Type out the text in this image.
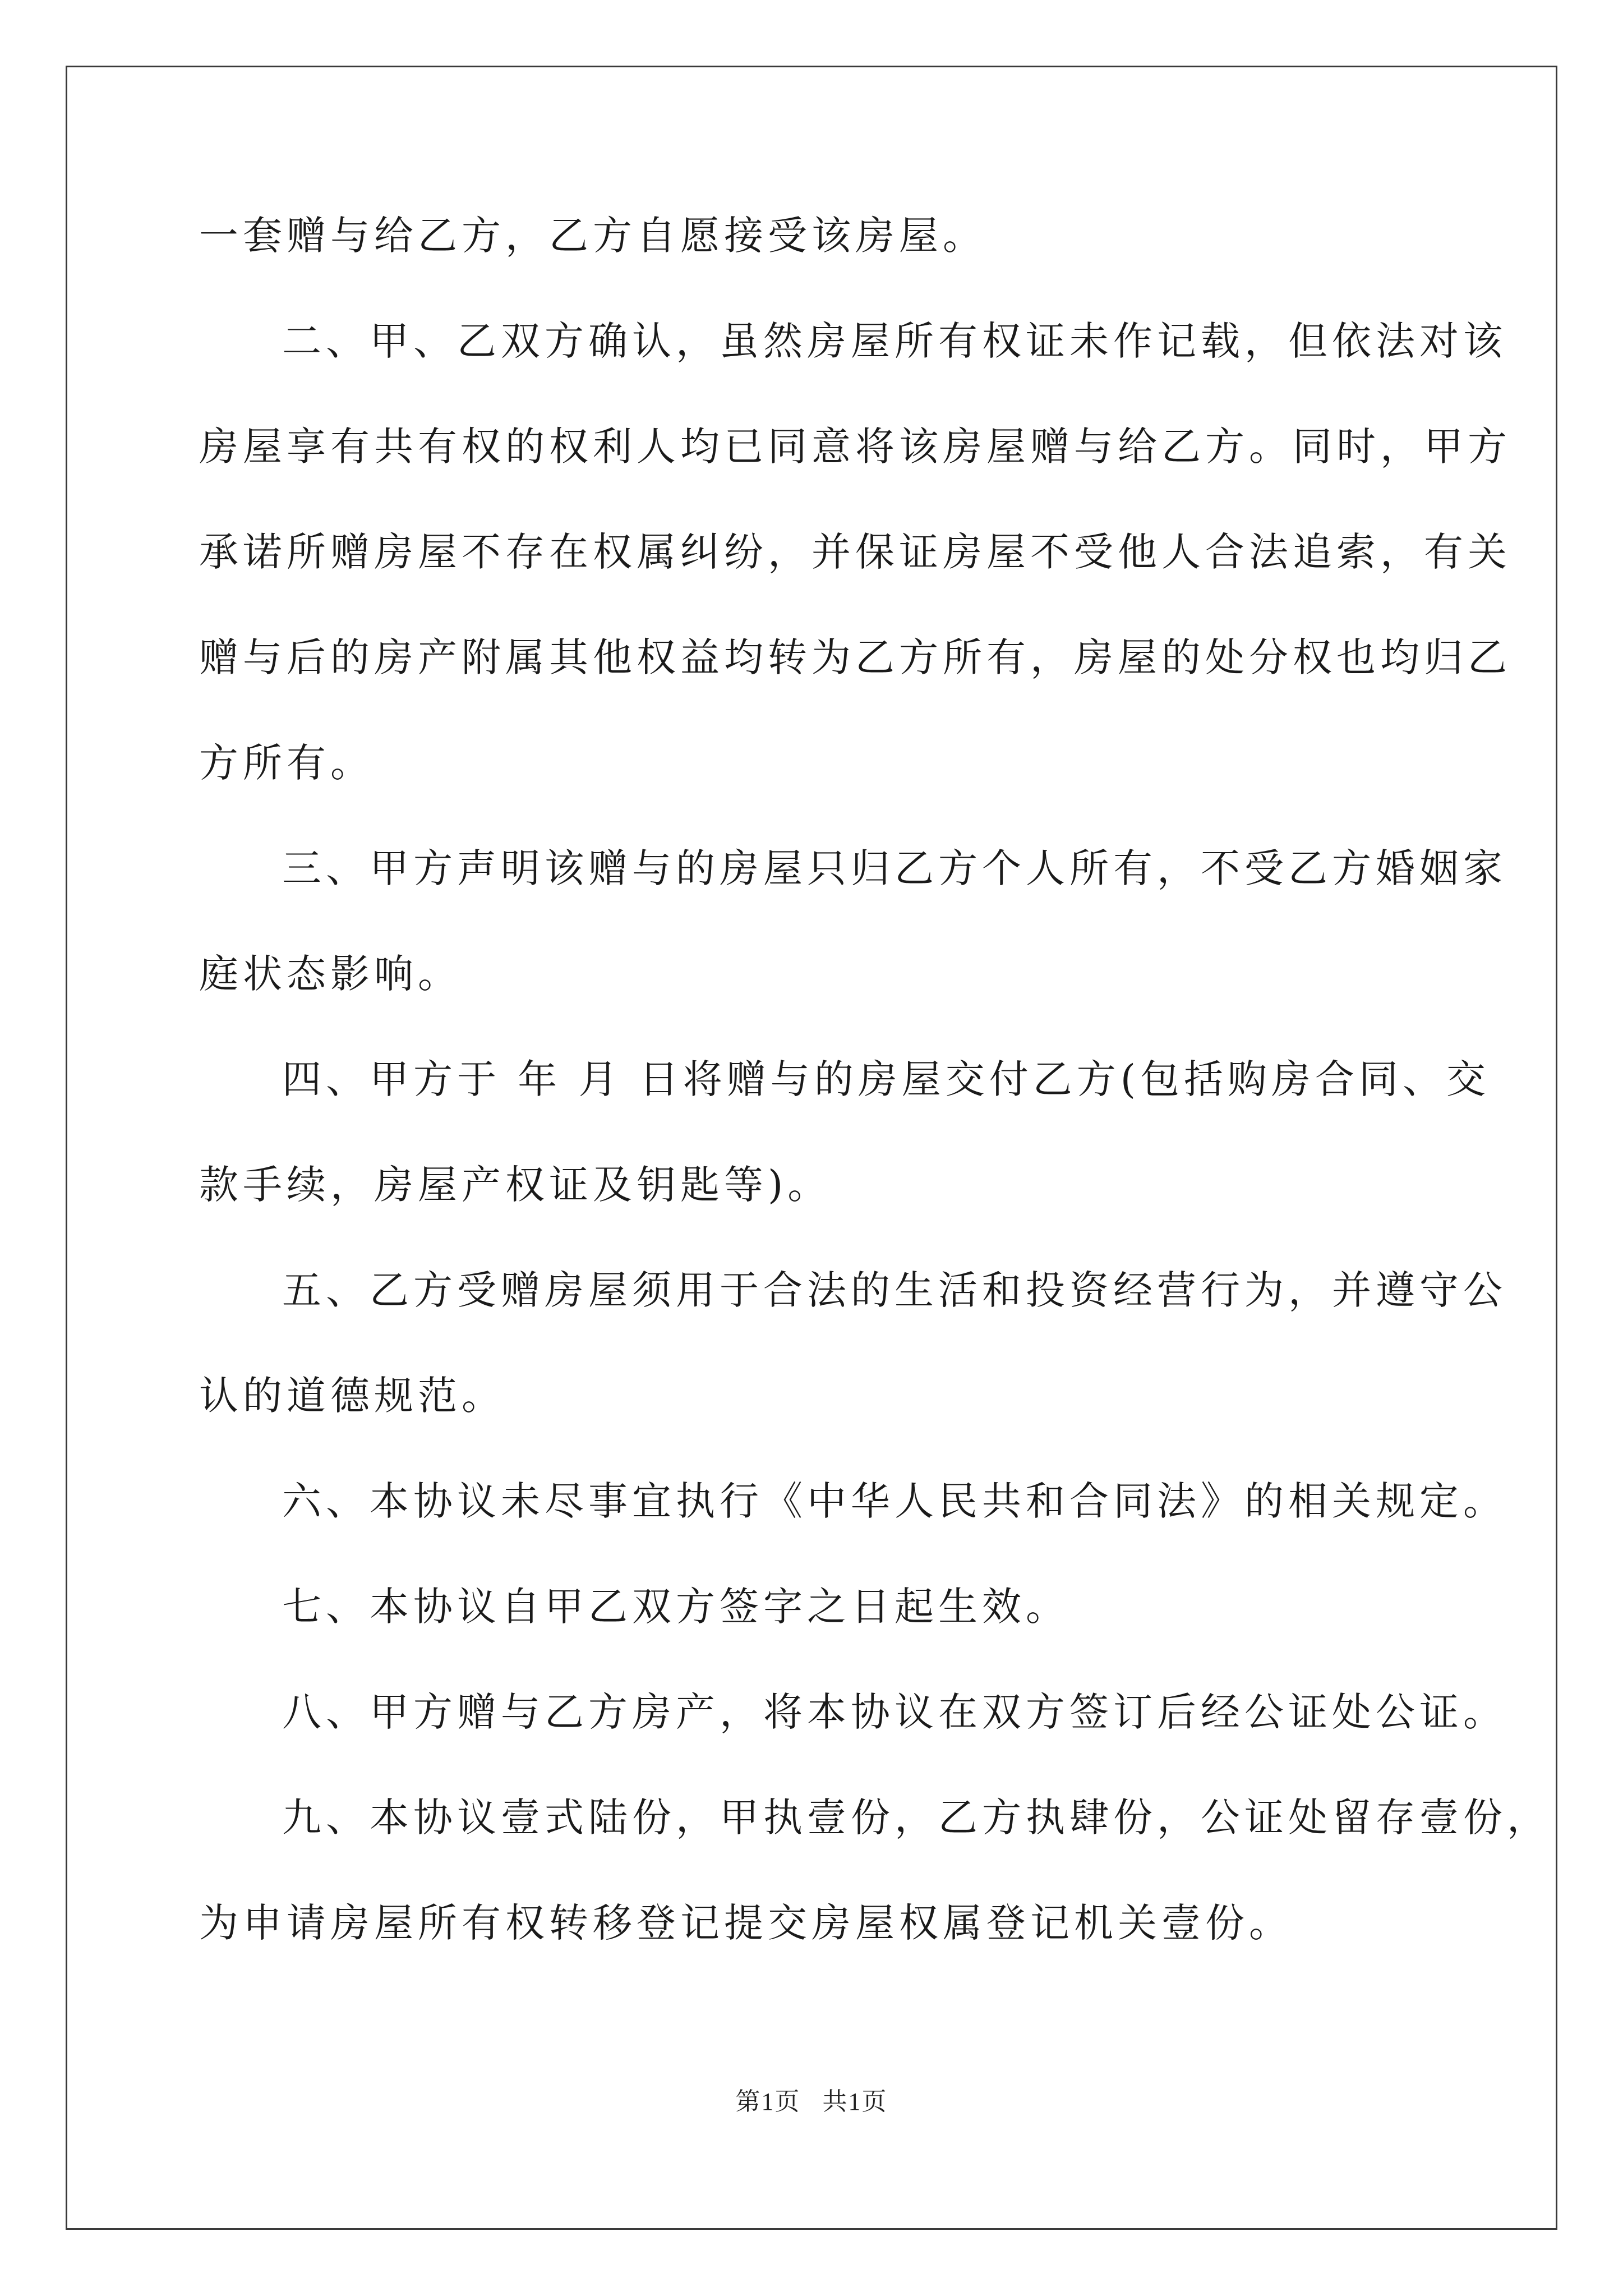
一套赠与给乙方，乙方自愿接受该房屋。
二、甲、乙双方确认，虽然房屋所有权证未作记载，但依法对该
房屋享有共有权的权利人均已同意将该房屋赠与给乙方。同时，甲方
承诺所赠房屋不存在权属纠纷，并保证房屋不受他人合法追索，有关
赠与后的房产附属其他权益均转为乙方所有，房屋的处分权也均归乙
方所有。
三、甲方声明该赠与的房屋只归乙方个人所有，不受乙方婚姻家
庭状态影响。
四、甲方于 年 月 日将赠与的房屋交付乙方(包括购房合同、交
款手续，房屋产权证及钥匙等)。
五、乙方受赠房屋须用于合法的生活和投资经营行为，并遵守公
认的道德规范。
六、本协议未尽事宜执行《中华人民共和合同法》的相关规定。
七、本协议自甲乙双方签字之日起生效。
八、甲方赠与乙方房产，将本协议在双方签订后经公证处公证。
九、本协议壹式陆份，甲执壹份，乙方执肆份，公证处留存壹份，
为申请房屋所有权转移登记提交房屋权属登记机关壹份。
第1页 共1页
